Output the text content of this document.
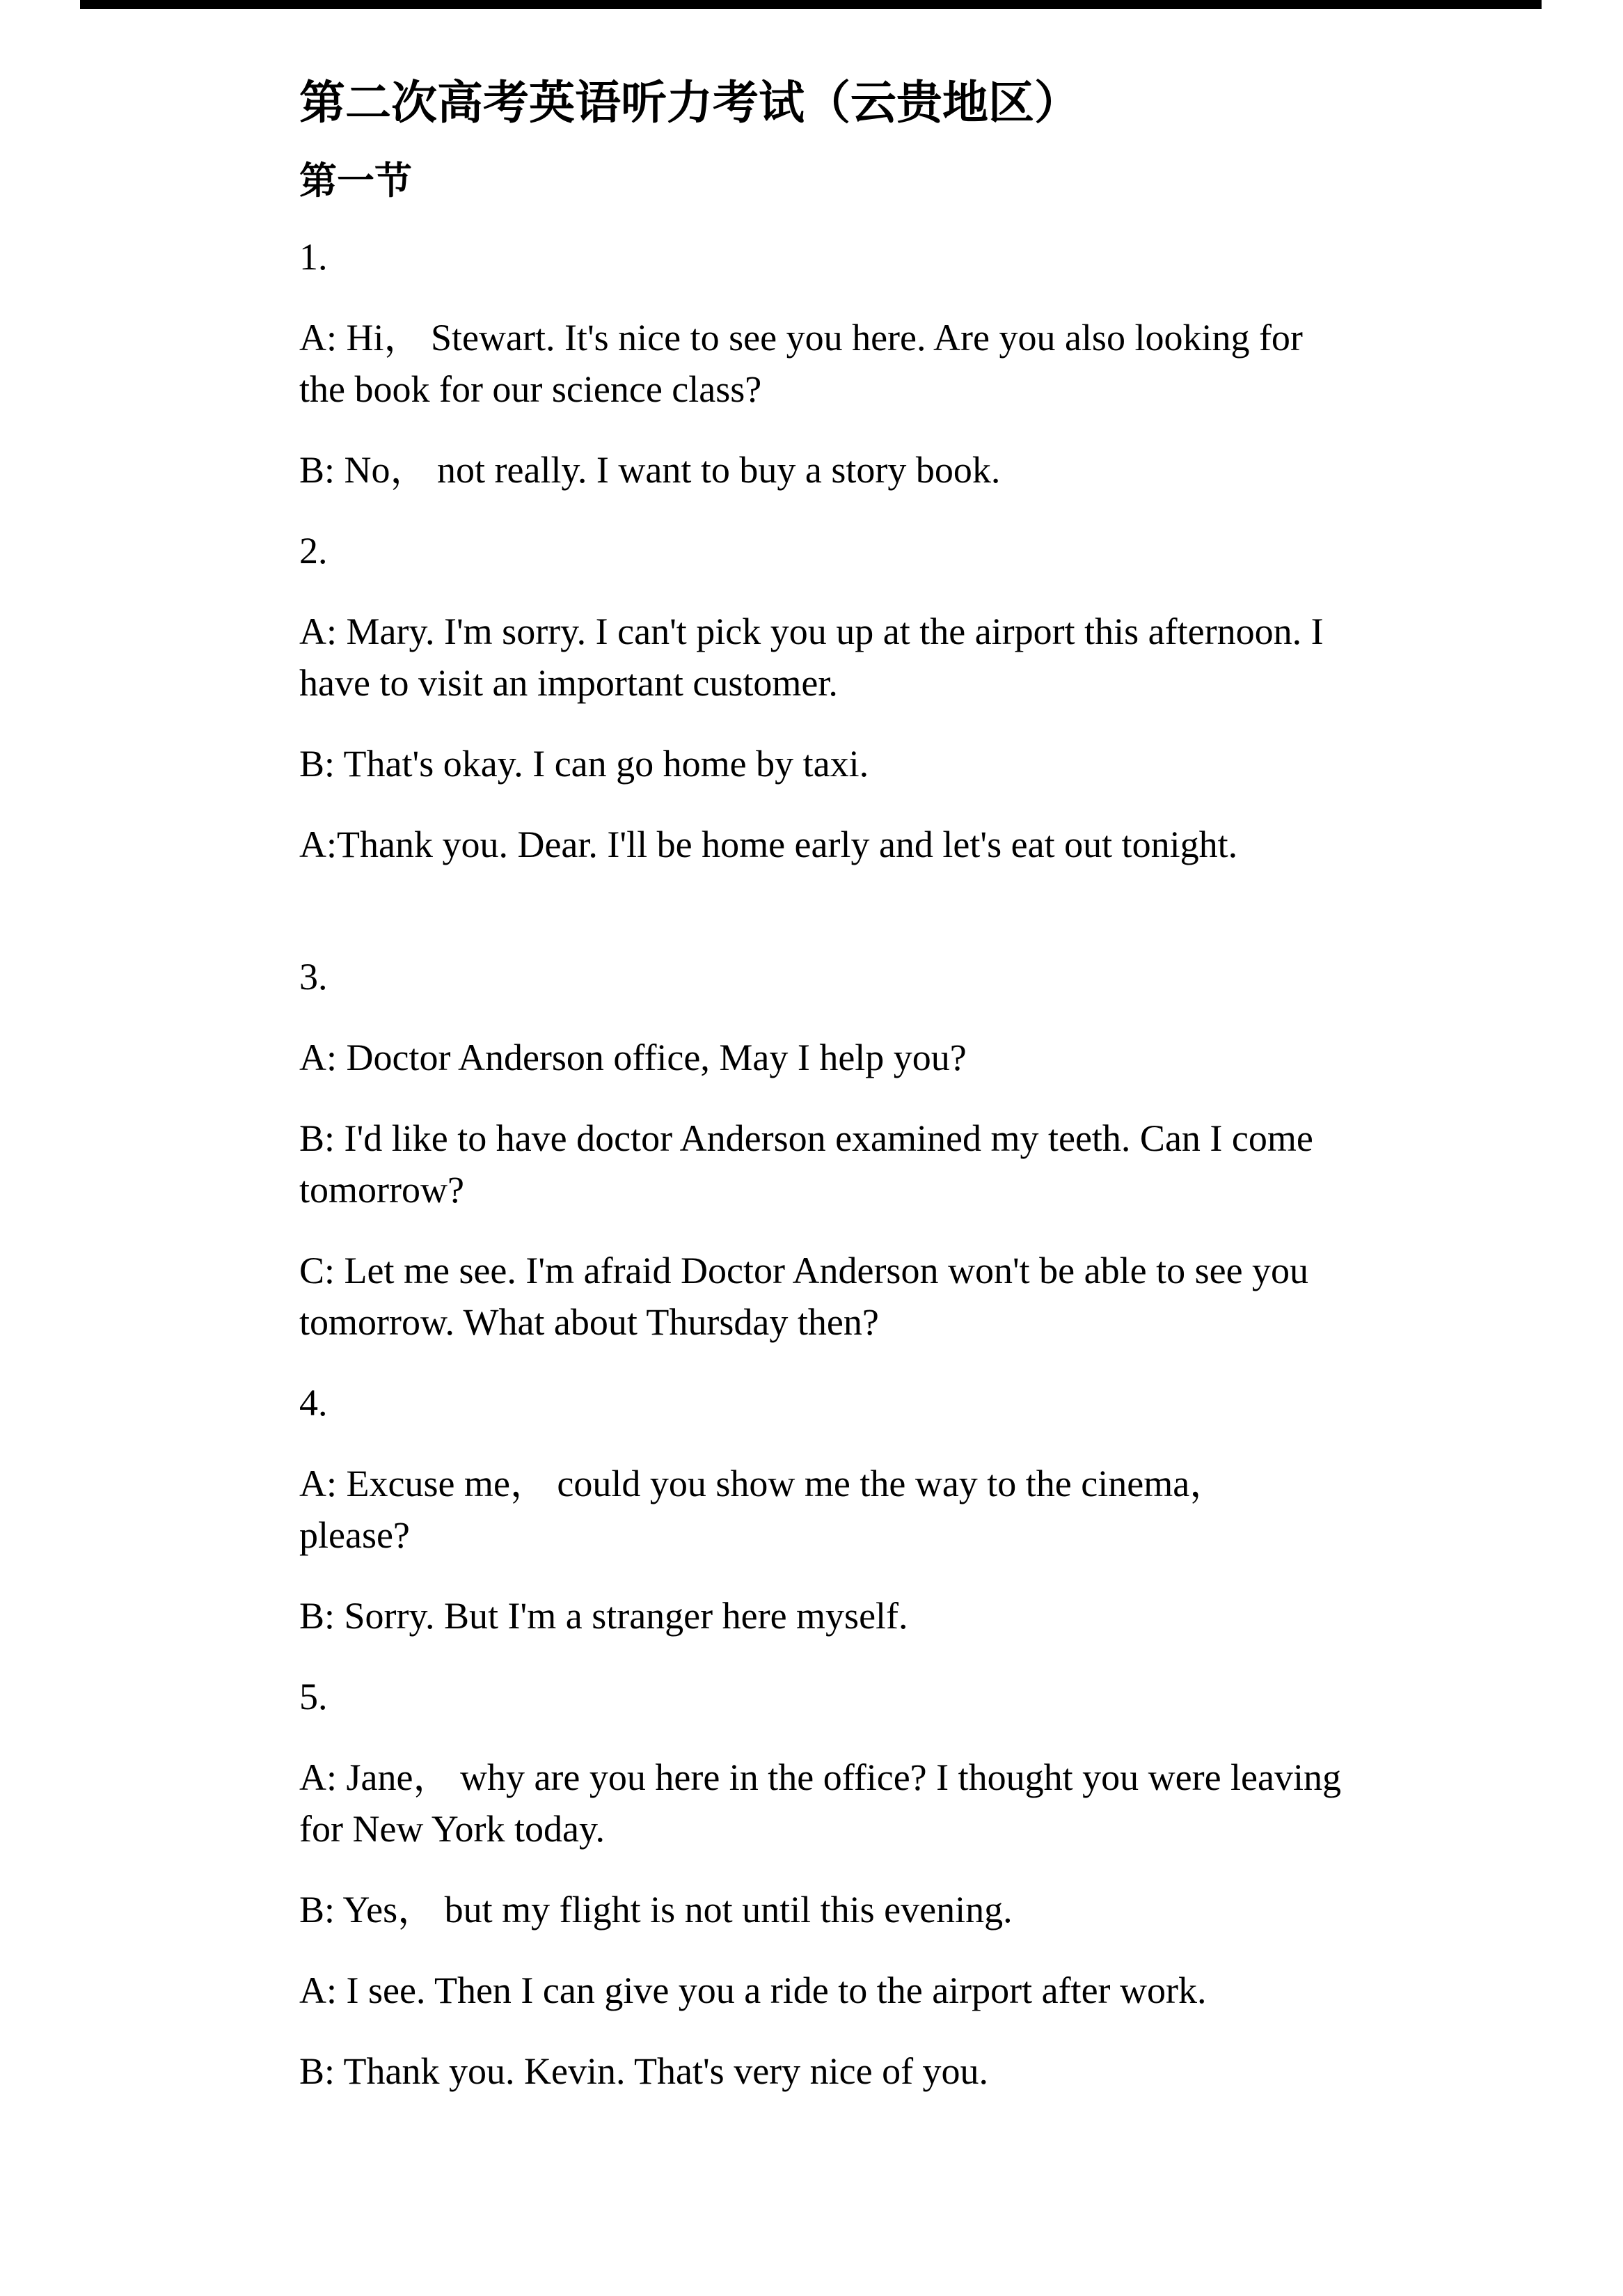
第二次高考英语听力考试（云贵地区）
第一节
1.
A: Hi， Stewart. It's nice to see you here. Are you also looking for the book for our science class?
B: No， not really. I want to buy a story book.
2.
A: Mary. I'm sorry. I can't pick you up at the airport this afternoon. I have to visit an important customer.
B: That's okay. I can go home by taxi.
A:Thank you. Dear. I'll be home early and let's eat out tonight.
3.
A: Doctor Anderson office, May I help you?
B: I'd like to have doctor Anderson examined my teeth. Can I come tomorrow?
C: Let me see. I'm afraid Doctor Anderson won't be able to see you tomorrow. What about Thursday then?
4.
A: Excuse me， could you show me the way to the cinema， please?
B: Sorry. But I'm a stranger here myself.
5.
A: Jane， why are you here in the office? I thought you were leaving for New York today.
B: Yes， but my flight is not until this evening.
A: I see. Then I can give you a ride to the airport after work.
B: Thank you. Kevin. That's very nice of you.
